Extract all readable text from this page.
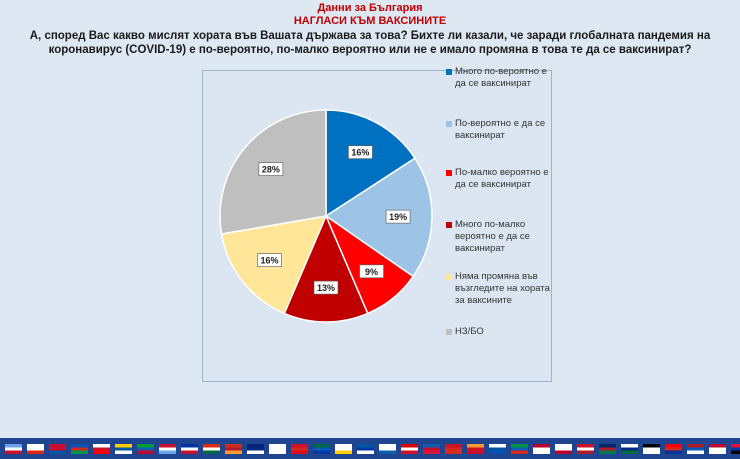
Данни за България
НАГЛАСИ КЪМ ВАКСИНИТЕ
А, според Вас какво мислят хората във Вашата държава за това? Бихте ли казали, че заради глобалната пандемия на коронавирус (COVID-19) е по-вероятно, по-малко вероятно или не е имало промяна в това те да се ваксинират?
16%
19%
9%
13%
16%
28%
Много по-вероятно е да се ваксинират
По-вероятно е да се ваксинират
По-малко вероятно е да се ваксинират
Много по-малко вероятно е да се ваксинират
Няма промяна във възгледите на хората за ваксините
НЗ/БО
